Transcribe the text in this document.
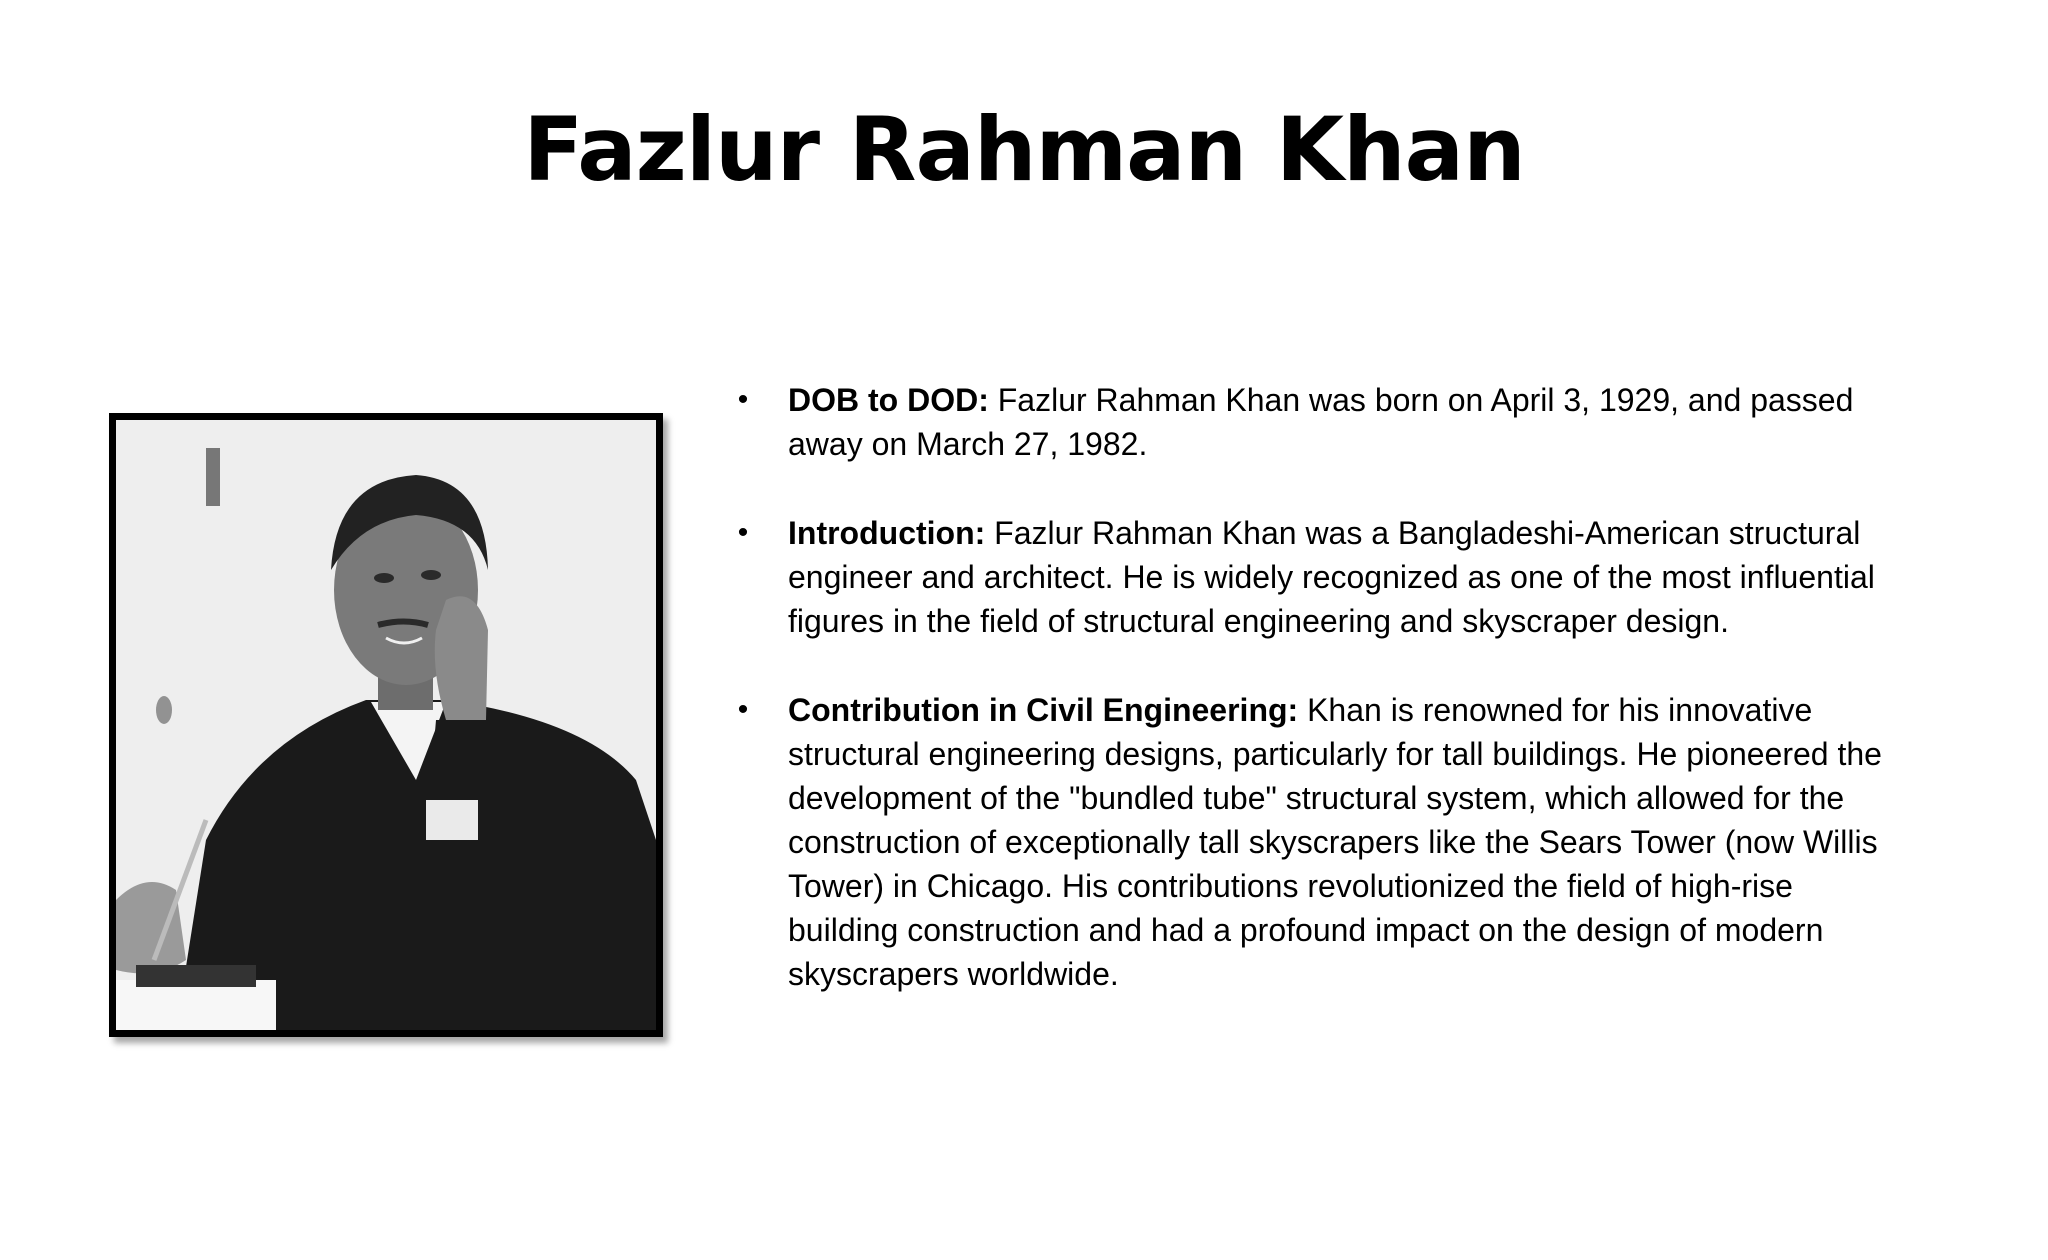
Fazlur Rahman Khan
•	DOB to DOD: Fazlur Rahman Khan was born on April 3, 1929, and passed away on March 27, 1982.
•	Introduction: Fazlur Rahman Khan was a Bangladeshi-American structural engineer and architect. He is widely recognized as one of the most influential figures in the field of structural engineering and skyscraper design.
•	Contribution in Civil Engineering: Khan is renowned for his innovative structural engineering designs, particularly for tall buildings. He pioneered the development of the "bundled tube" structural system, which allowed for the construction of exceptionally tall skyscrapers like the Sears Tower (now Willis Tower) in Chicago. His contributions revolutionized the field of high-rise building construction and had a profound impact on the design of modern skyscrapers worldwide.
